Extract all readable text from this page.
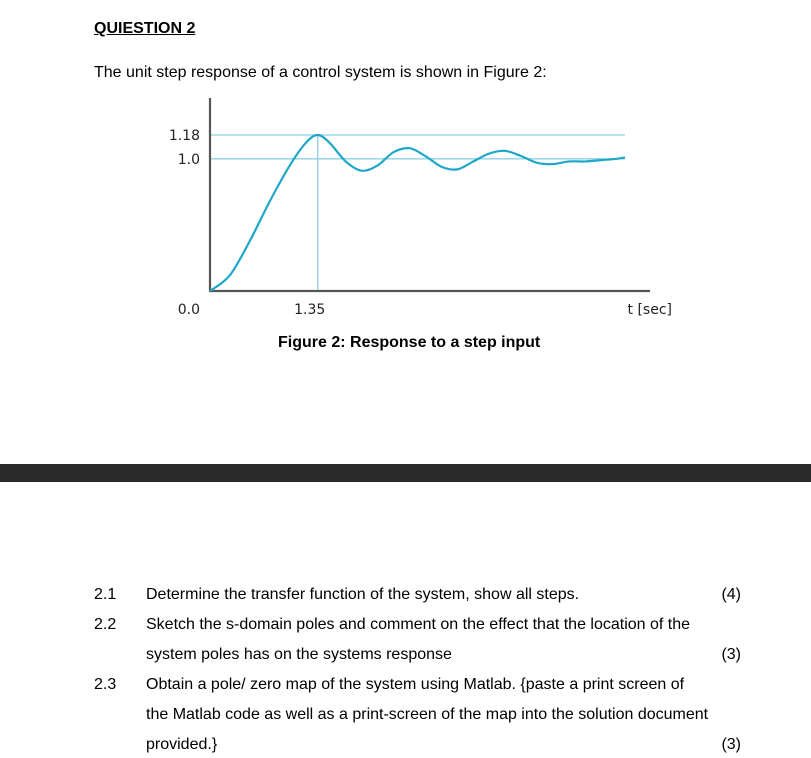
QUIESTION 2
The unit step response of a control system is shown in Figure 2:
1.18
1.0
0.0	1.35	t [sec]
Figure 2: Response to a step input
2.1 Determine the transfer function of the system, show all steps.	(4)
2.2 Sketch the s-domain poles and comment on the effect that the location of the
system poles has on the systems response	(3)
2.3 Obtain a pole/ zero map of the system using Matlab. {paste a print screen of
the Matlab code as well as a print-screen of the map into the solution document
provided.}	(3)
